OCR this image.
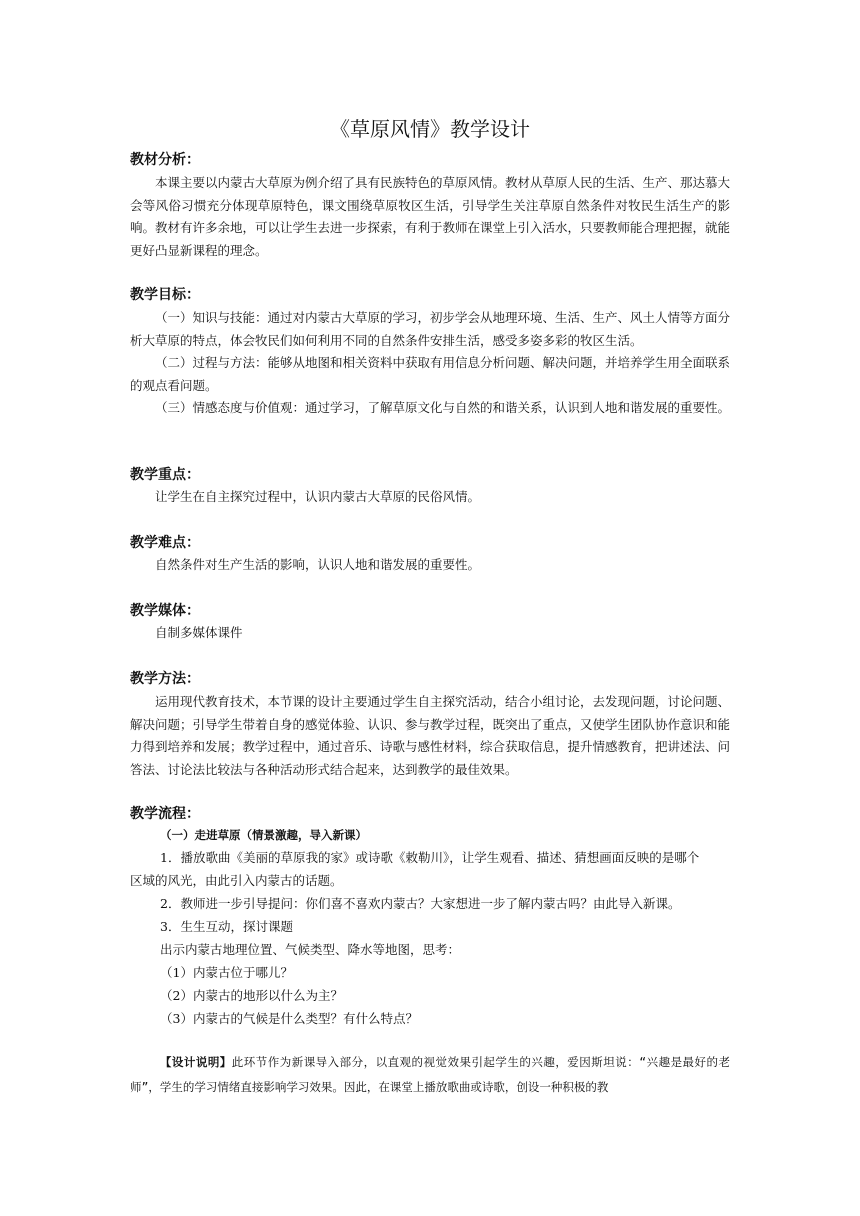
《草原风情》教学设计
教材分析：

本课主要以内蒙古大草原为例介绍了具有民族特色的草原风情。教材从草原人民的生活、生产、那达慕大会等风俗习惯充分体现草原特色，课文围绕草原牧区生活，引导学生关注草原自然条件对牧民生活生产的影响。教材有许多余地，可以让学生去进一步探索，有利于教师在课堂上引入活水，只要教师能合理把握，就能更好凸显新课程的理念。

教学目标：

（一）知识与技能：通过对内蒙古大草原的学习，初步学会从地理环境、生活、生产、风土人情等方面分析大草原的特点，体会牧民们如何利用不同的自然条件安排生活，感受多姿多彩的牧区生活。

（二）过程与方法：能够从地图和相关资料中获取有用信息分析问题、解决问题，并培养学生用全面联系的观点看问题。

（三）情感态度与价值观：通过学习，了解草原文化与自然的和谐关系，认识到人地和谐发展的重要性。

教学重点：

让学生在自主探究过程中，认识内蒙古大草原的民俗风情。

教学难点：

自然条件对生产生活的影响，认识人地和谐发展的重要性。

教学媒体：

自制多媒体课件

教学方法：

运用现代教育技术，本节课的设计主要通过学生自主探究活动，结合小组讨论，去发现问题，讨论问题、解决问题；引导学生带着自身的感觉体验、认识、参与教学过程，既突出了重点，又使学生团队协作意识和能力得到培养和发展；教学过程中，通过音乐、诗歌与感性材料，综合获取信息，提升情感教育，把讲述法、问答法、讨论法比较法与各种活动形式结合起来，达到教学的最佳效果。

教学流程：

（一）走进草原（情景激趣，导入新课）

1．播放歌曲《美丽的草原我的家》或诗歌《敕勒川》，让学生观看、描述、猜想画面反映的是哪个

区域的风光，由此引入内蒙古的话题。

2．教师进一步引导提问：你们喜不喜欢内蒙古？大家想进一步了解内蒙古吗？由此导入新课。

3．生生互动，探讨课题

出示内蒙古地理位置、气候类型、降水等地图，思考：

（1）内蒙古位于哪儿？

（2）内蒙古的地形以什么为主？

（3）内蒙古的气候是什么类型？有什么特点？

【设计说明】此环节作为新课导入部分，以直观的视觉效果引起学生的兴趣，爱因斯坦说：“兴趣是最好的老师”，学生的学习情绪直接影响学习效果。因此，在课堂上播放歌曲或诗歌，创设一种积极的教
